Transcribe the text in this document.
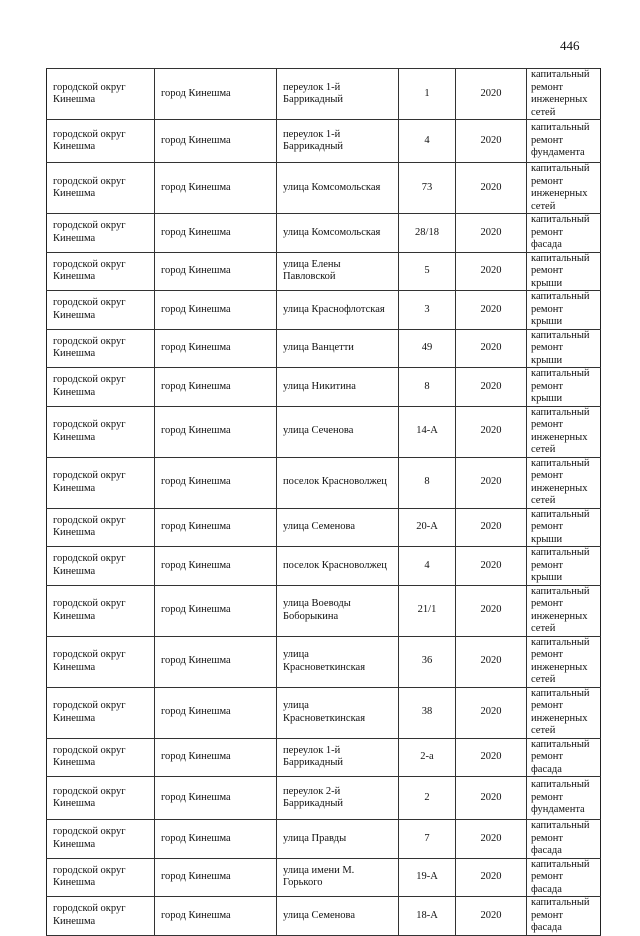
446
городской округ Кинешма	город Кинешма	переулок 1-й Баррикадный	1	2020	капитальный ремонт инженерных сетей
городской округ Кинешма	город Кинешма	переулок 1-й Баррикадный	4	2020	капитальный ремонт фундамента
городской округ Кинешма	город Кинешма	улица Комсомольская	73	2020	капитальный ремонт инженерных сетей
городской округ Кинешма	город Кинешма	улица Комсомольская	28/18	2020	капитальный ремонт фасада
городской округ Кинешма	город Кинешма	улица Елены Павловской	5	2020	капитальный ремонт крыши
городской округ Кинешма	город Кинешма	улица Краснофлотская	3	2020	капитальный ремонт крыши
городской округ Кинешма	город Кинешма	улица Ванцетти	49	2020	капитальный ремонт крыши
городской округ Кинешма	город Кинешма	улица Никитина	8	2020	капитальный ремонт крыши
городской округ Кинешма	город Кинешма	улица Сеченова	14-А	2020	капитальный ремонт инженерных сетей
городской округ Кинешма	город Кинешма	поселок Красноволжец	8	2020	капитальный ремонт инженерных сетей
городской округ Кинешма	город Кинешма	улица Семенова	20-А	2020	капитальный ремонт крыши
городской округ Кинешма	город Кинешма	поселок Красноволжец	4	2020	капитальный ремонт крыши
городской округ Кинешма	город Кинешма	улица Воеводы Боборыкина	21/1	2020	капитальный ремонт инженерных сетей
городской округ Кинешма	город Кинешма	улица Красноветкинская	36	2020	капитальный ремонт инженерных сетей
городской округ Кинешма	город Кинешма	улица Красноветкинская	38	2020	капитальный ремонт инженерных сетей
городской округ Кинешма	город Кинешма	переулок 1-й Баррикадный	2-а	2020	капитальный ремонт фасада
городской округ Кинешма	город Кинешма	переулок 2-й Баррикадный	2	2020	капитальный ремонт фундамента
городской округ Кинешма	город Кинешма	улица Правды	7	2020	капитальный ремонт фасада
городской округ Кинешма	город Кинешма	улица имени М. Горького	19-А	2020	капитальный ремонт фасада
городской округ Кинешма	город Кинешма	улица Семенова	18-А	2020	капитальный ремонт фасада
